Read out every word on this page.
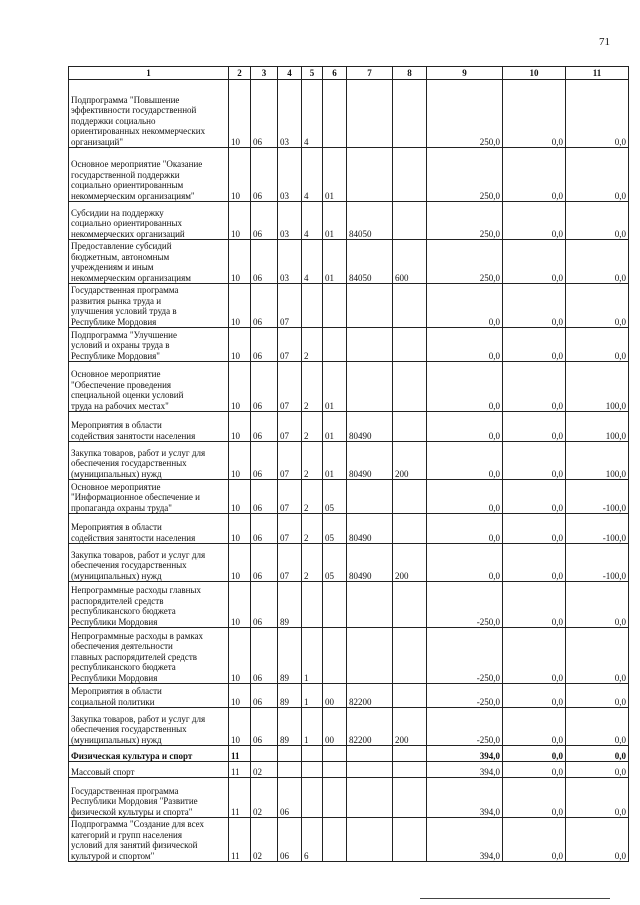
71
1	2	3	4	5	6	7	8	9	10	11
Подпрограмма "Повышение
эффективности государственной
поддержки социально
ориентированных некоммерческих
организаций"	10	06	03	4				250,0	0,0	0,0
Основное мероприятие "Оказание
государственной поддержки
социально ориентированным
некоммерческим организациям"	10	06	03	4	01			250,0	0,0	0,0
Субсидии на поддержку
социально ориентированных
некоммерческих организаций	10	06	03	4	01	84050		250,0	0,0	0,0
Предоставление субсидий
бюджетным, автономным
учреждениям и иным
некоммерческим организациям	10	06	03	4	01	84050	600	250,0	0,0	0,0
Государственная программа
развития рынка труда и
улучшения условий труда в
Республике Мордовия	10	06	07					0,0	0,0	0,0
Подпрограмма "Улучшение
условий и охраны труда в
Республике Мордовия"	10	06	07	2				0,0	0,0	0,0
Основное мероприятие
"Обеспечение проведения
специальной оценки условий
труда на рабочих местах"	10	06	07	2	01			0,0	0,0	100,0
Мероприятия в области
содействия занятости населения	10	06	07	2	01	80490		0,0	0,0	100,0
Закупка товаров, работ и услуг для
обеспечения государственных
(муниципальных) нужд	10	06	07	2	01	80490	200	0,0	0,0	100,0
Основное мероприятие
"Информационное обеспечение и
пропаганда охраны труда"	10	06	07	2	05			0,0	0,0	-100,0
Мероприятия в области
содействия занятости населения	10	06	07	2	05	80490		0,0	0,0	-100,0
Закупка товаров, работ и услуг для
обеспечения государственных
(муниципальных) нужд	10	06	07	2	05	80490	200	0,0	0,0	-100,0
Непрограммные расходы главных
распорядителей средств
республиканского бюджета
Республики Мордовия	10	06	89					-250,0	0,0	0,0
Непрограммные расходы в рамках
обеспечения деятельности
главных распорядителей средств
республиканского бюджета
Республики Мордовия	10	06	89	1				-250,0	0,0	0,0
Мероприятия в области
социальной политики	10	06	89	1	00	82200		-250,0	0,0	0,0
Закупка товаров, работ и услуг для
обеспечения государственных
(муниципальных) нужд	10	06	89	1	00	82200	200	-250,0	0,0	0,0
Физическая культура и спорт	11							394,0	0,0	0,0
Массовый спорт	11	02						394,0	0,0	0,0
Государственная программа
Республики Мордовия "Развитие
физической культуры и спорта"	11	02	06					394,0	0,0	0,0
Подпрограмма "Создание для всех
категорий и групп населения
условий для занятий физической
культурой и спортом"	11	02	06	6				394,0	0,0	0,0
